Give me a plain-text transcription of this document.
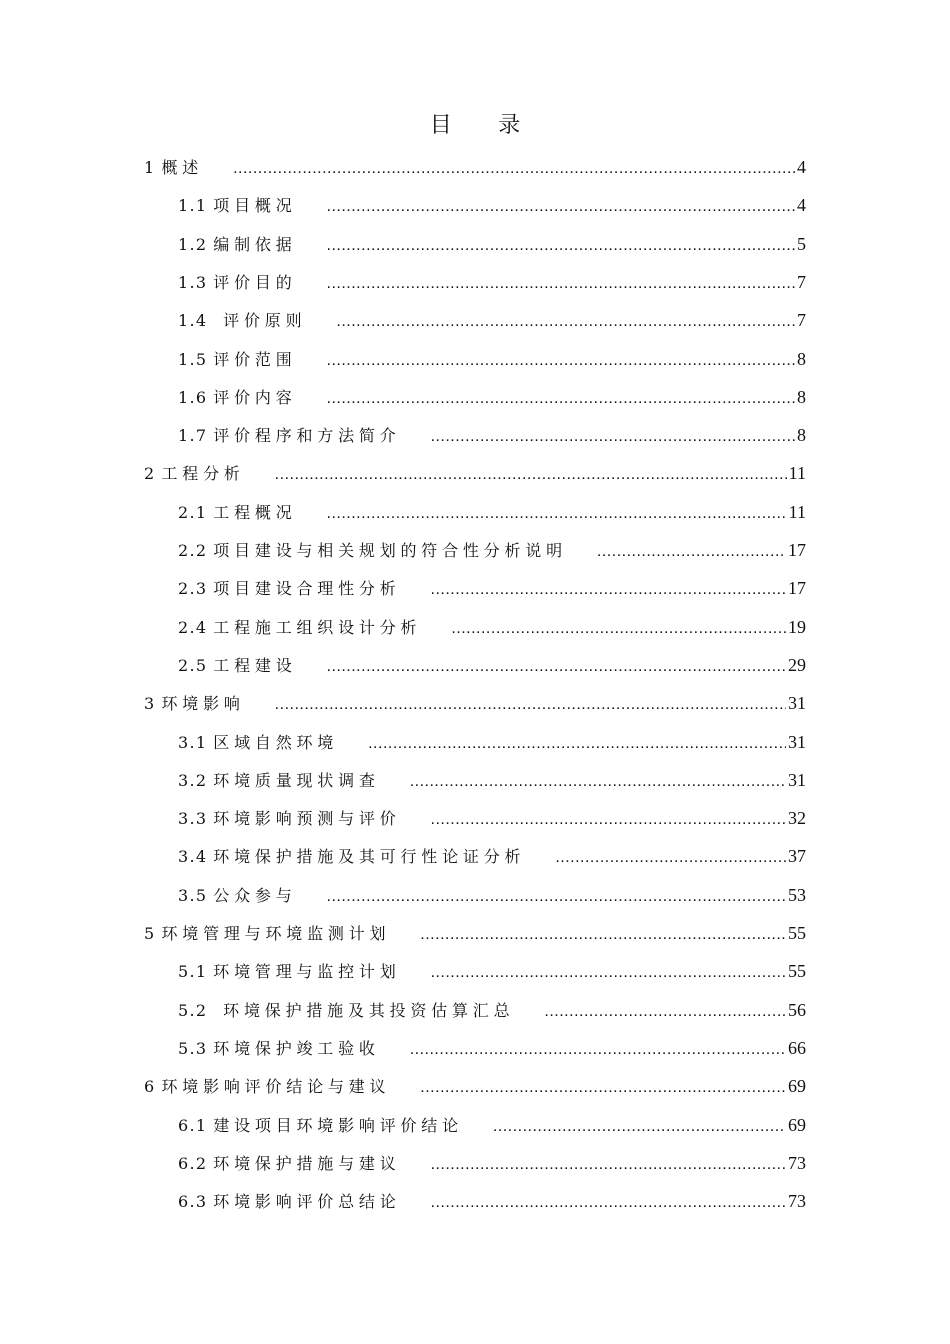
目 录
1 概述 .....	4
1.1 项目概况 .....	4
1.2 编制依据 .....	5
1.3 评价目的 .....	7
1.4 评价原则 .....	7
1.5 评价范围 .....	8
1.6 评价内容 .....	8
1.7 评价程序和方法简介 .....	8
2 工程分析 .....	11
2.1 工程概况 .....	11
2.2 项目建设与相关规划的符合性分析说明 .....	17
2.3 项目建设合理性分析 .....	17
2.4 工程施工组织设计分析 .....	19
2.5 工程建设 .....	29
3 环境影响 .....	31
3.1 区域自然环境 .....	31
3.2 环境质量现状调查 .....	31
3.3 环境影响预测与评价 .....	32
3.4 环境保护措施及其可行性论证分析 .....	37
3.5 公众参与 .....	53
5 环境管理与环境监测计划 .....	55
5.1 环境管理与监控计划 .....	55
5.2 环境保护措施及其投资估算汇总 .....	56
5.3 环境保护竣工验收 .....	66
6 环境影响评价结论与建议 .....	69
6.1 建设项目环境影响评价结论 .....	69
6.2 环境保护措施与建议 .....	73
6.3 环境影响评价总结论 .....	73
